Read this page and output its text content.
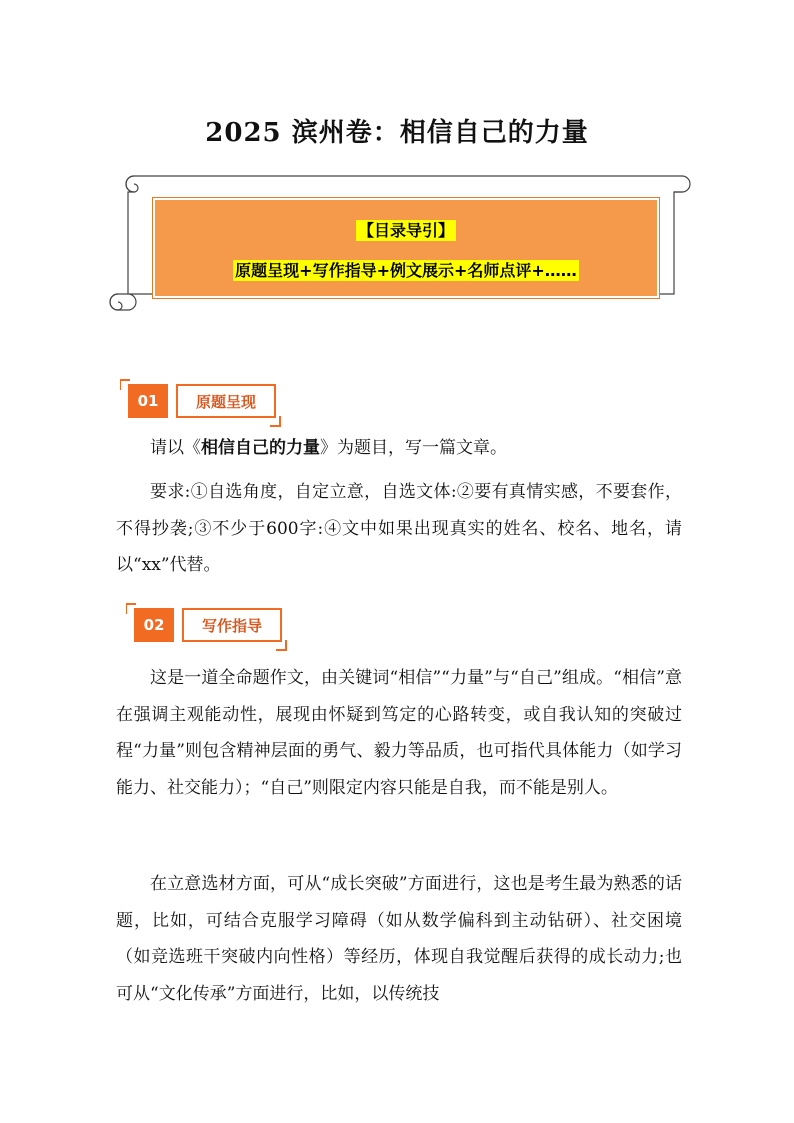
2025 滨州卷：相信自己的力量
【目录导引】
原题呈现+写作指导+例文展示+名师点评+……
01	原题呈现

请以《相信自己的力量》为题目，写一篇文章。

要求:①自选角度，自定立意，自选文体:②要有真情实感，不要套作，不得抄袭;③不少于600字:④文中如果出现真实的姓名、校名、地名，请以“xx”代替。

02	写作指导

这是一道全命题作文，由关键词“相信”“力量”与“自己”组成。“相信”意在强调主观能动性，展现由怀疑到笃定的心路转变，或自我认知的突破过程“力量”则包含精神层面的勇气、毅力等品质，也可指代具体能力（如学习能力、社交能力）；“自己”则限定内容只能是自我，而不能是别人。

在立意选材方面，可从“成长突破”方面进行，这也是考生最为熟悉的话题，比如，可结合克服学习障碍（如从数学偏科到主动钻研）、社交困境（如竞选班干突破内向性格）等经历，体现自我觉醒后获得的成长动力;也可从“文化传承”方面进行，比如，以传统技
